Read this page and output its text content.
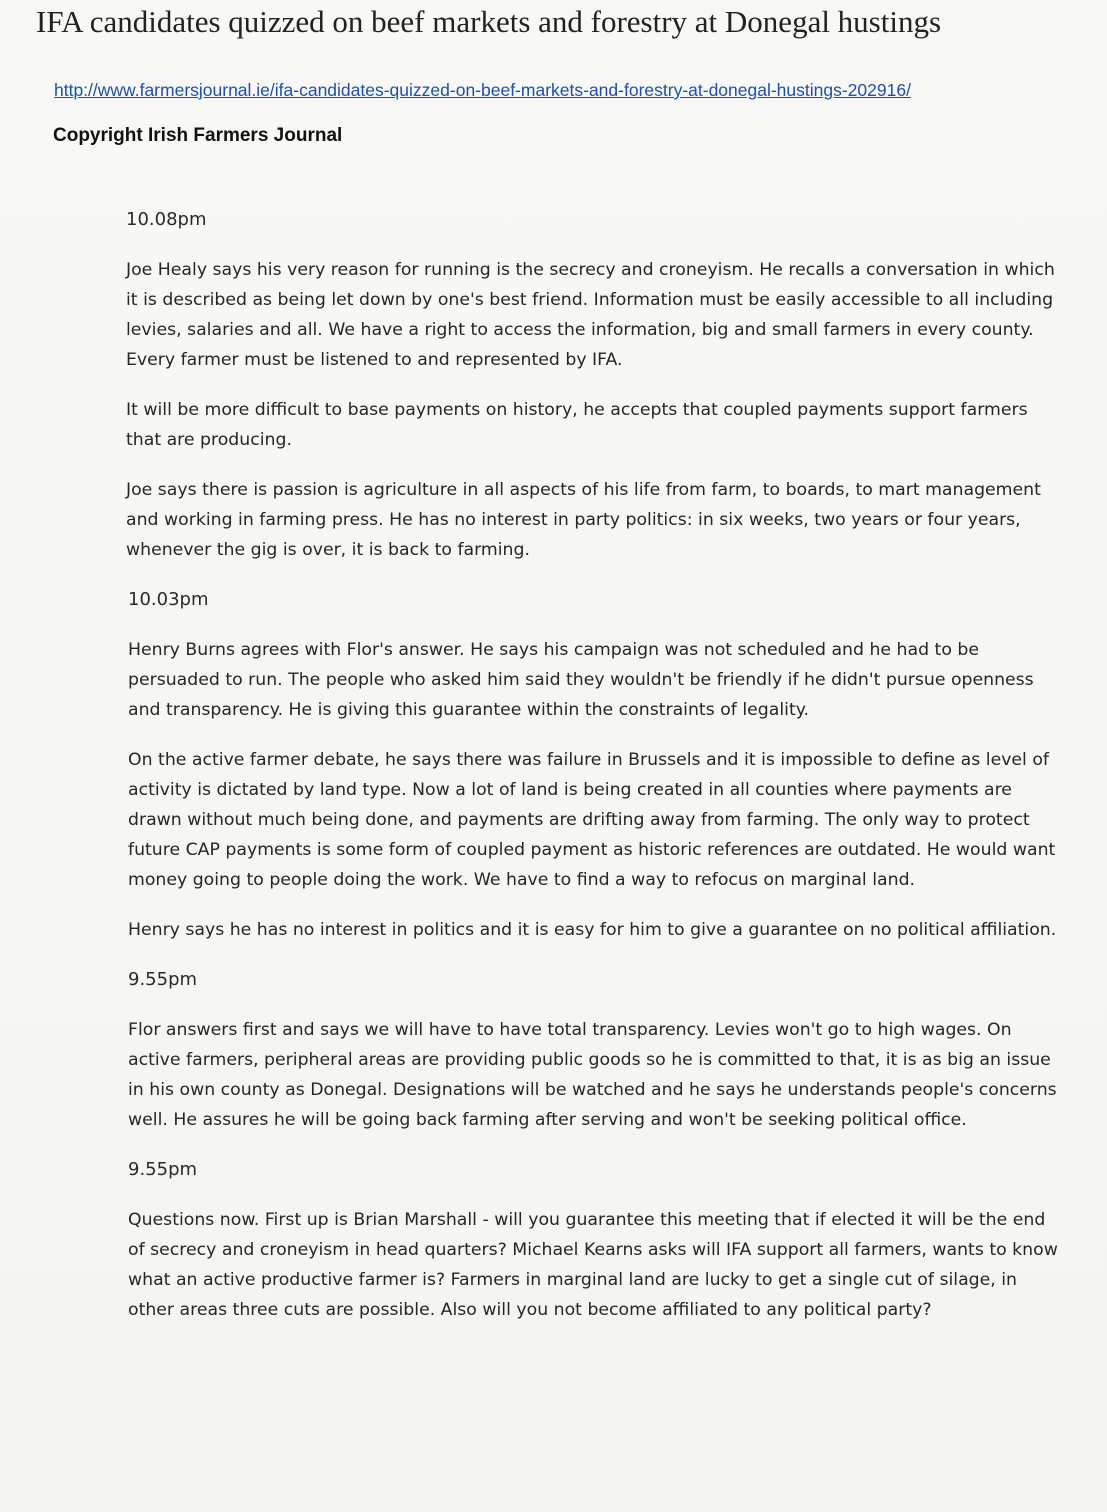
IFA candidates quizzed on beef markets and forestry at Donegal hustings
http://www.farmersjournal.ie/ifa-candidates-quizzed-on-beef-markets-and-forestry-at-donegal-hustings-202916/
Copyright Irish Farmers Journal

10.08pm

Joe Healy says his very reason for running is the secrecy and croneyism. He recalls a conversation in which it is described as being let down by one's best friend. Information must be easily accessible to all including levies, salaries and all. We have a right to access the information, big and small farmers in every county. Every farmer must be listened to and represented by IFA.

It will be more difficult to base payments on history, he accepts that coupled payments support farmers that are producing.

Joe says there is passion is agriculture in all aspects of his life from farm, to boards, to mart management and working in farming press. He has no interest in party politics: in six weeks, two years or four years, whenever the gig is over, it is back to farming.

10.03pm

Henry Burns agrees with Flor's answer. He says his campaign was not scheduled and he had to be persuaded to run. The people who asked him said they wouldn't be friendly if he didn't pursue openness and transparency. He is giving this guarantee within the constraints of legality.

On the active farmer debate, he says there was failure in Brussels and it is impossible to define as level of activity is dictated by land type. Now a lot of land is being created in all counties where payments are drawn without much being done, and payments are drifting away from farming. The only way to protect future CAP payments is some form of coupled payment as historic references are outdated. He would want money going to people doing the work. We have to find a way to refocus on marginal land.

Henry says he has no interest in politics and it is easy for him to give a guarantee on no political affiliation.

9.55pm

Flor answers first and says we will have to have total transparency. Levies won't go to high wages. On active farmers, peripheral areas are providing public goods so he is committed to that, it is as big an issue in his own county as Donegal. Designations will be watched and he says he understands people's concerns well. He assures he will be going back farming after serving and won't be seeking political office.

9.55pm

Questions now. First up is Brian Marshall - will you guarantee this meeting that if elected it will be the end of secrecy and croneyism in head quarters? Michael Kearns asks will IFA support all farmers, wants to know what an active productive farmer is? Farmers in marginal land are lucky to get a single cut of silage, in other areas three cuts are possible. Also will you not become affiliated to any political party?
